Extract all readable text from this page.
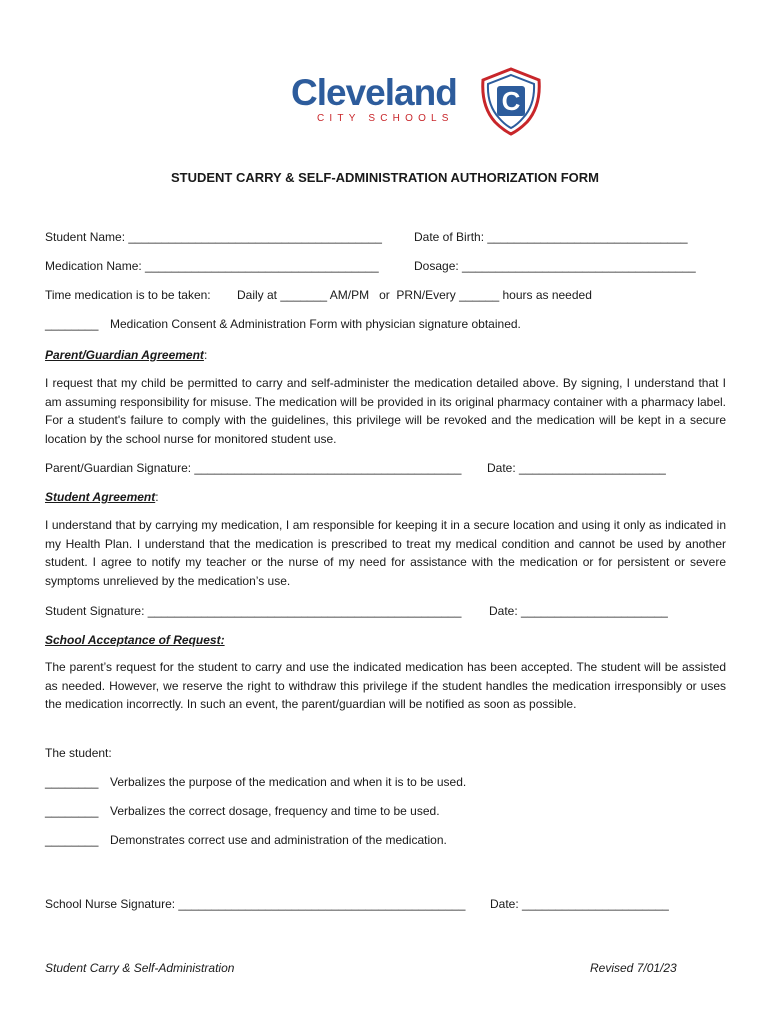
Cleveland
CITY SCHOOLS
C
STUDENT CARRY & SELF-ADMINISTRATION AUTHORIZATION FORM
Student Name: ______________________________________	Date of Birth: ______________________________
Medication Name: ___________________________________	Dosage: ___________________________________
Time medication is to be taken: Daily at _______ AM/PM   or  PRN/Every ______ hours as needed
________ Medication Consent & Administration Form with physician signature obtained.
Parent/Guardian Agreement:
I request that my child be permitted to carry and self-administer the medication detailed above. By signing, I understand that I am assuming responsibility for misuse. The medication will be provided in its original pharmacy container with a pharmacy label. For a student's failure to comply with the guidelines, this privilege will be revoked and the medication will be kept in a secure location by the school nurse for monitored student use.
Parent/Guardian Signature: ________________________________________ Date: ______________________
Student Agreement:
I understand that by carrying my medication, I am responsible for keeping it in a secure location and using it only as indicated in my Health Plan. I understand that the medication is prescribed to treat my medical condition and cannot be used by another student. I agree to notify my teacher or the nurse of my need for assistance with the medication or for persistent or severe symptoms unrelieved by the medication’s use.
Student Signature: _______________________________________________ Date: ______________________
School Acceptance of Request:
The parent’s request for the student to carry and use the indicated medication has been accepted. The student will be assisted as needed. However, we reserve the right to withdraw this privilege if the student handles the medication irresponsibly or uses the medication incorrectly. In such an event, the parent/guardian will be notified as soon as possible.
The student:
________ Verbalizes the purpose of the medication and when it is to be used.
________ Verbalizes the correct dosage, frequency and time to be used.
________ Demonstrates correct use and administration of the medication.
School Nurse Signature: ___________________________________________ Date: ______________________
Student Carry & Self-Administration	Revised 7/01/23
